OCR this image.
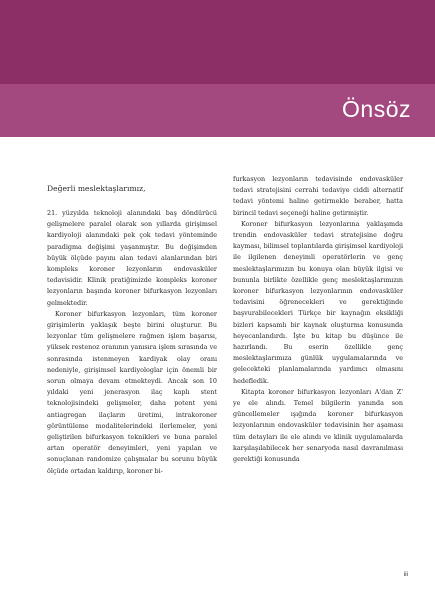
Önsöz
Değerli meslektaşlarımız,

21. yüzyılda teknoloji alanındaki baş döndürücü gelişmelere paralel olarak son yıllarda girişimsel kardiyoloji alanındaki pek çok tedavi yönteminde paradigma değişimi yaşanmıştır. Bu değişimden büyük ölçüde payını alan tedavi alanlarından biri kompleks koroner lezyonların endovasküler tedavisidir. Klinik pratiğimizde kompleks koroner lezyonların başında koroner bifurkasyon lezyonları gelmektedir.

Koroner bifurkasyon lezyonları, tüm koroner girişimlerin yaklaşık beşte birini oluşturur. Bu lezyonlar tüm gelişmelere rağmen işlem başarısı, yüksek restenoz oranının yanısıra işlem sırasında ve sonrasında istenmeyen kardiyak olay oranı nedeniyle, girişimsel kardiyologlar için önemli bir sorun olmaya devam etmekteydi. Ancak son 10 yıldaki yeni jenerasyon ilaç kaplı stent teknolojisindeki gelişmeler, daha potent yeni antiagregan ilaçların üretimi, intrakoroner görüntüleme modalitelerindeki ilerlemeler, yeni geliştirilen bifurkasyon teknikleri ve buna paralel artan operatör deneyimleri, yeni yapılan ve sonuçlanan randomize çalışmalar bu sorunu büyük ölçüde ortadan kaldırıp, koroner bi-

furkasyon lezyonların tedavisinde endovasküler tedavi stratejisini cerrahi tedaviye ciddi alternatif tedavi yöntemi haline getirmekle beraber, hatta birincil tedavi seçeneği haline getirmiştir.

Koroner bifurkasyon lezyonlarına yaklaşımda trendin endovasküler tedavi stratejisine doğru kayması, bilimsel toplantılarda girişimsel kardiyoloji ile ilgilenen deneyimli operatörlerin ve genç meslektaşlarımızın bu konuya olan büyük ilgisi ve bununla birlikte özellikle genç meslektaşlarımızın koroner bifurkasyon lezyonlarının endovasküler tedavisini öğrenecekleri ve gerektiğinde başvurabilecekleri Türkçe bir kaynağın eksikliği bizleri kapsamlı bir kaynak oluşturma konusunda heyecanlandırdı. İşte bu kitap bu düşünce ile hazırlandı. Bu eserin özellikle genç meslektaşlarımıza günlük uygulamalarında ve gelecekteki planlamalarında yardımcı olmasını hedefledik.

Kitapta koroner bifurkasyon lezyonları A'dan Z' ye ele alındı. Temel bilgilerin yanında son güncellemeler ışığında koroner bifurkasyon lezyonlarının endovasküler tedavisinin her aşaması tüm detayları ile ele alındı ve klinik uygulamalarda karşılaşılabilecek her senaryoda nasıl davranılması gerektiği konusunda

iii
